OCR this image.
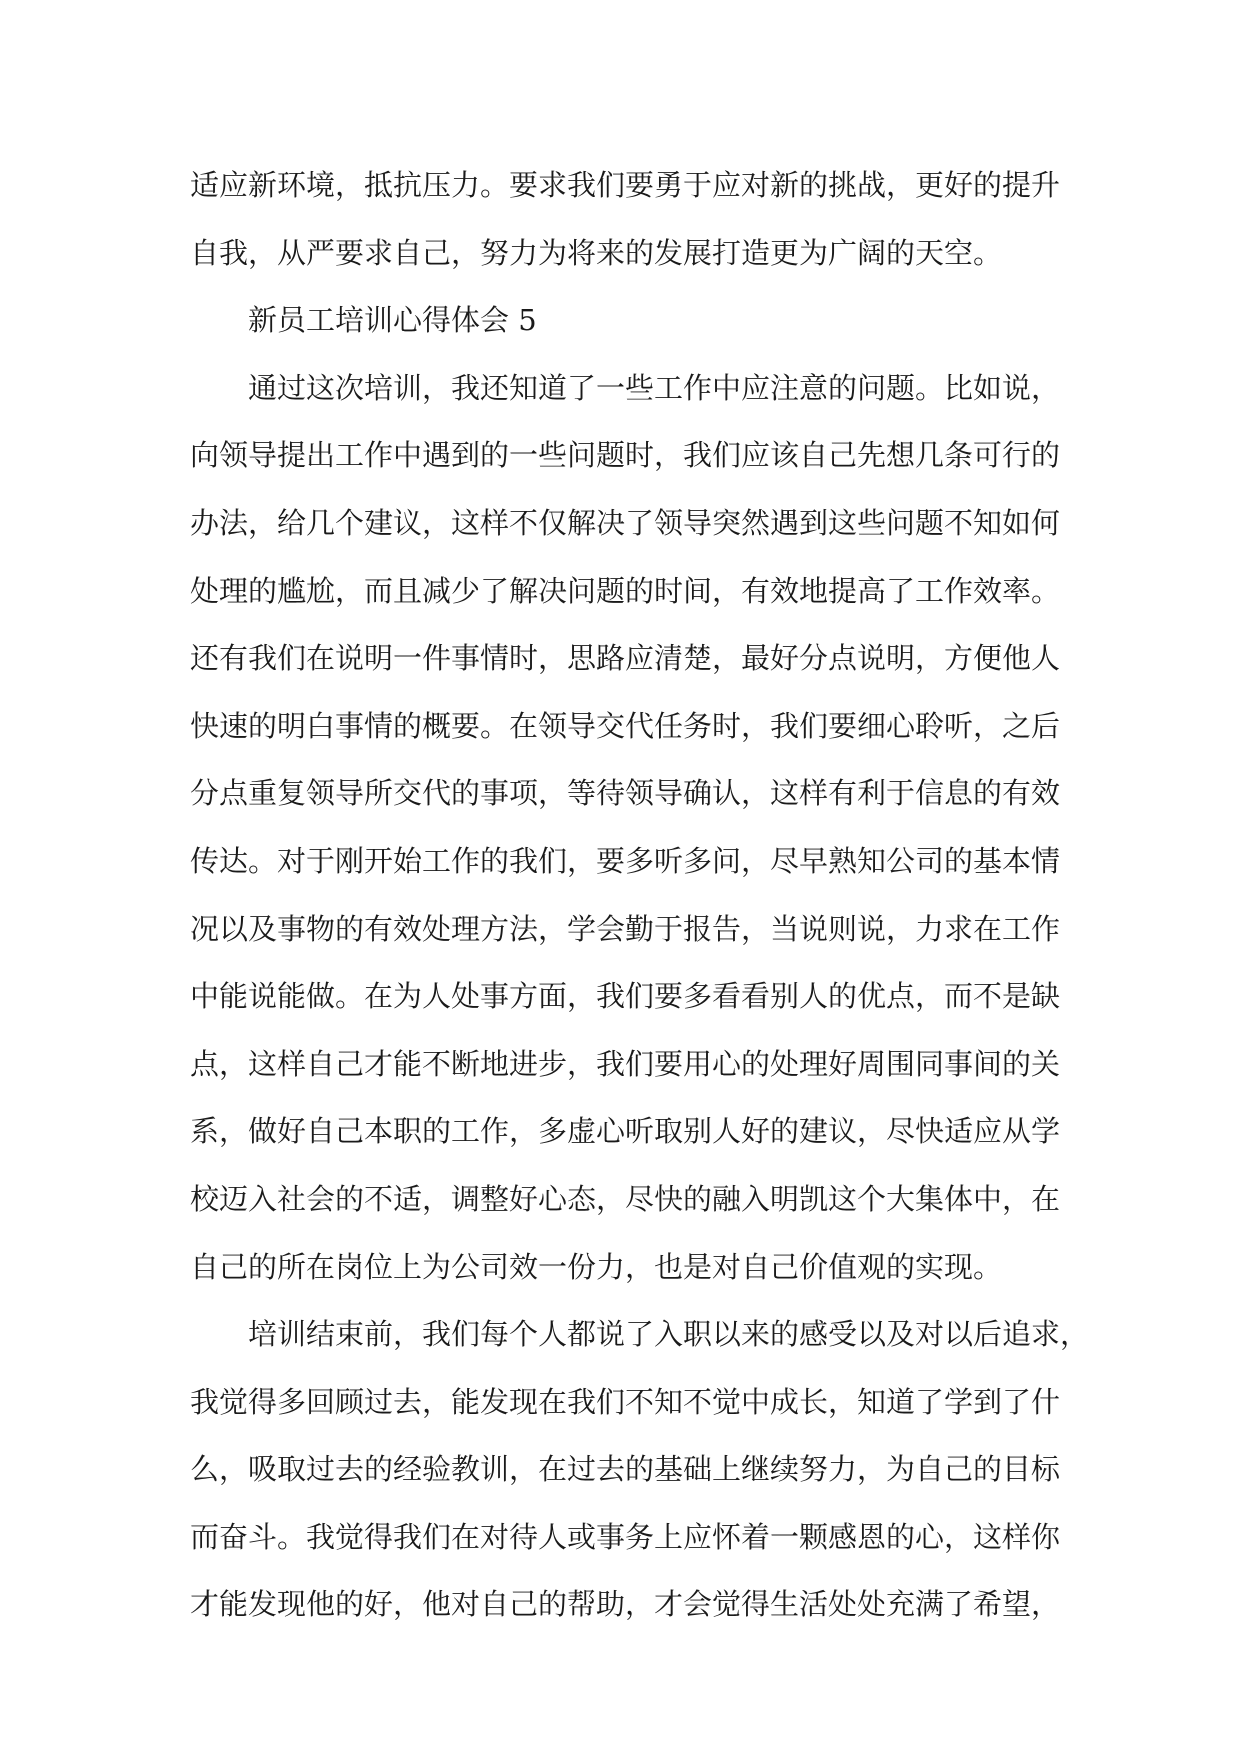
适应新环境，抵抗压力。要求我们要勇于应对新的挑战，更好的提升
自我，从严要求自己，努力为将来的发展打造更为广阔的天空。
新员工培训心得体会 5
通过这次培训，我还知道了一些工作中应注意的问题。比如说，
向领导提出工作中遇到的一些问题时，我们应该自己先想几条可行的
办法，给几个建议，这样不仅解决了领导突然遇到这些问题不知如何
处理的尴尬，而且减少了解决问题的时间，有效地提高了工作效率。
还有我们在说明一件事情时，思路应清楚，最好分点说明，方便他人
快速的明白事情的概要。在领导交代任务时，我们要细心聆听，之后
分点重复领导所交代的事项，等待领导确认，这样有利于信息的有效
传达。对于刚开始工作的我们，要多听多问，尽早熟知公司的基本情
况以及事物的有效处理方法，学会勤于报告，当说则说，力求在工作
中能说能做。在为人处事方面，我们要多看看别人的优点，而不是缺
点，这样自己才能不断地进步，我们要用心的处理好周围同事间的关
系，做好自己本职的工作，多虚心听取别人好的建议，尽快适应从学
校迈入社会的不适，调整好心态，尽快的融入明凯这个大集体中，在
自己的所在岗位上为公司效一份力，也是对自己价值观的实现。
培训结束前，我们每个人都说了入职以来的感受以及对以后追求，
我觉得多回顾过去，能发现在我们不知不觉中成长，知道了学到了什
么，吸取过去的经验教训，在过去的基础上继续努力，为自己的目标
而奋斗。我觉得我们在对待人或事务上应怀着一颗感恩的心，这样你
才能发现他的好，他对自己的帮助，才会觉得生活处处充满了希望，
